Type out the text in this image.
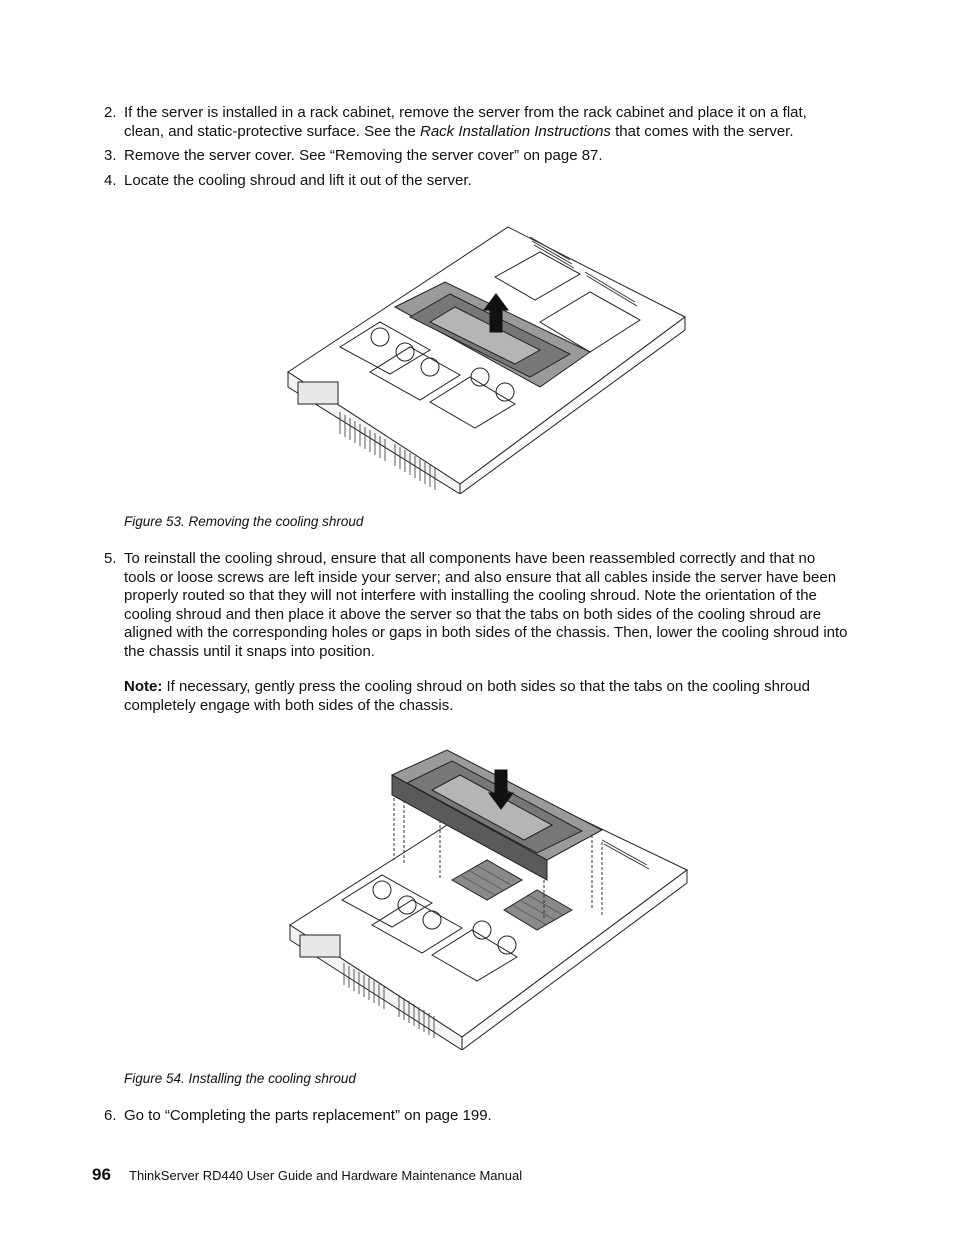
2. If the server is installed in a rack cabinet, remove the server from the rack cabinet and place it on a flat, clean, and static-protective surface. See the Rack Installation Instructions that comes with the server.
3. Remove the server cover. See “Removing the server cover” on page 87.
4. Locate the cooling shroud and lift it out of the server.
Figure 53. Removing the cooling shroud
5. To reinstall the cooling shroud, ensure that all components have been reassembled correctly and that no tools or loose screws are left inside your server; and also ensure that all cables inside the server have been properly routed so that they will not interfere with installing the cooling shroud. Note the orientation of the cooling shroud and then place it above the server so that the tabs on both sides of the cooling shroud are aligned with the corresponding holes or gaps in both sides of the chassis. Then, lower the cooling shroud into the chassis until it snaps into position.
Note: If necessary, gently press the cooling shroud on both sides so that the tabs on the cooling shroud completely engage with both sides of the chassis.
Figure 54. Installing the cooling shroud
6. Go to “Completing the parts replacement” on page 199.
96 ThinkServer RD440 User Guide and Hardware Maintenance Manual
